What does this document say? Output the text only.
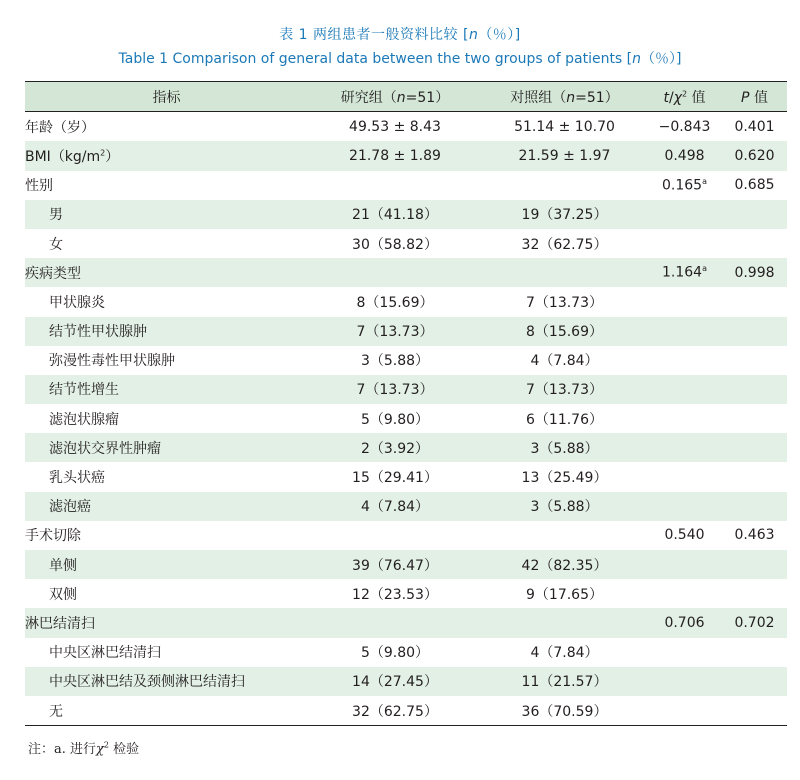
表 1 两组患者一般资料比较 [n（％）]
Table 1 Comparison of general data between the two groups of patients [n（％）]
指标	研究组（n=51）	对照组（n=51）	$t/\chi^2$ 值	P 值
年龄（岁）	49.53 ± 8.43	51.14 ± 10.70	−0.843	0.401
$BMI(kg/m^2)$	21.78 ± 1.89	21.59 ± 1.97	0.498	0.620
性别			0.165$^a$	0.685
男	21（41.18）	19（37.25）		
女	30（58.82）	32（62.75）		
疾病类型			1.164$^a$	0.998
甲状腺炎	8（15.69）	7（13.73）		
结节性甲状腺肿	7（13.73）	8（15.69）		
弥漫性毒性甲状腺肿	3（5.88）	4（7.84）		
结节性增生	7（13.73）	7（13.73）		
滤泡状腺瘤	5（9.80）	6（11.76）		
滤泡状交界性肿瘤	2（3.92）	3（5.88）		
乳头状癌	15（29.41）	13（25.49）		
滤泡癌	4（7.84）	3（5.88）		
手术切除			0.540	0.463
单侧	39（76.47）	42（82.35）		
双侧	12（23.53）	9（17.65）		
淋巴结清扫			0.706	0.702
中央区淋巴结清扫	5（9.80）	4（7.84）		
中央区淋巴结及颈侧淋巴结清扫	14（27.45）	11（21.57）		
无	32（62.75）	36（70.59）		
注：a. 进行$\chi^2$ 检验
